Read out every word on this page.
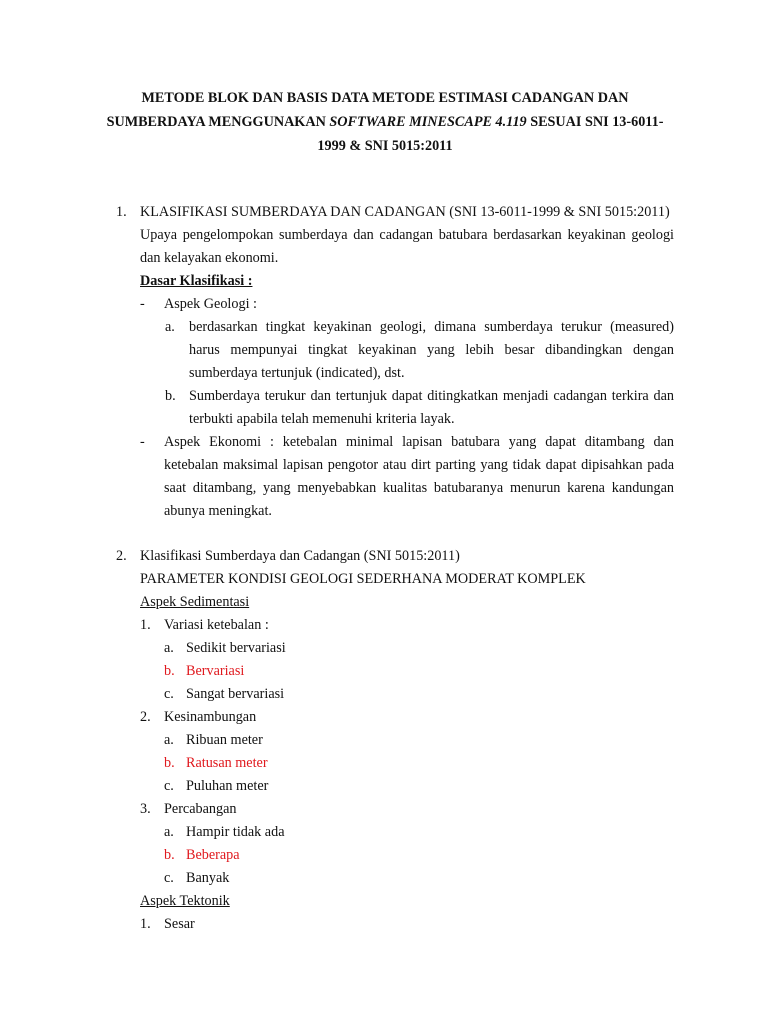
METODE BLOK DAN BASIS DATA METODE ESTIMASI CADANGAN DAN
SUMBERDAYA MENGGUNAKAN SOFTWARE MINESCAPE 4.119 SESUAI SNI 13-6011-
1999 & SNI 5015:2011
1. KLASIFIKASI SUMBERDAYA DAN CADANGAN (SNI 13-6011-1999 & SNI 5015:2011)
Upaya pengelompokan sumberdaya dan cadangan batubara berdasarkan keyakinan geologi
dan kelayakan ekonomi.
Dasar Klasifikasi :
- Aspek Geologi :
a. berdasarkan tingkat keyakinan geologi, dimana sumberdaya terukur (measured)
harus mempunyai tingkat keyakinan yang lebih besar dibandingkan dengan
sumberdaya tertunjuk (indicated), dst.
b. Sumberdaya terukur dan tertunjuk dapat ditingkatkan menjadi cadangan terkira dan
terbukti apabila telah memenuhi kriteria layak.
- Aspek Ekonomi : ketebalan minimal lapisan batubara yang dapat ditambang dan
ketebalan maksimal lapisan pengotor atau dirt parting yang tidak dapat dipisahkan pada
saat ditambang, yang menyebabkan kualitas batubaranya menurun karena kandungan
abunya meningkat.
2. Klasifikasi Sumberdaya dan Cadangan (SNI 5015:2011)
PARAMETER KONDISI GEOLOGI SEDERHANA MODERAT KOMPLEK
Aspek Sedimentasi
1. Variasi ketebalan :
a. Sedikit bervariasi
b. Bervariasi
c. Sangat bervariasi
2. Kesinambungan
a. Ribuan meter
b. Ratusan meter
c. Puluhan meter
3. Percabangan
a. Hampir tidak ada
b. Beberapa
c. Banyak
Aspek Tektonik
1. Sesar
